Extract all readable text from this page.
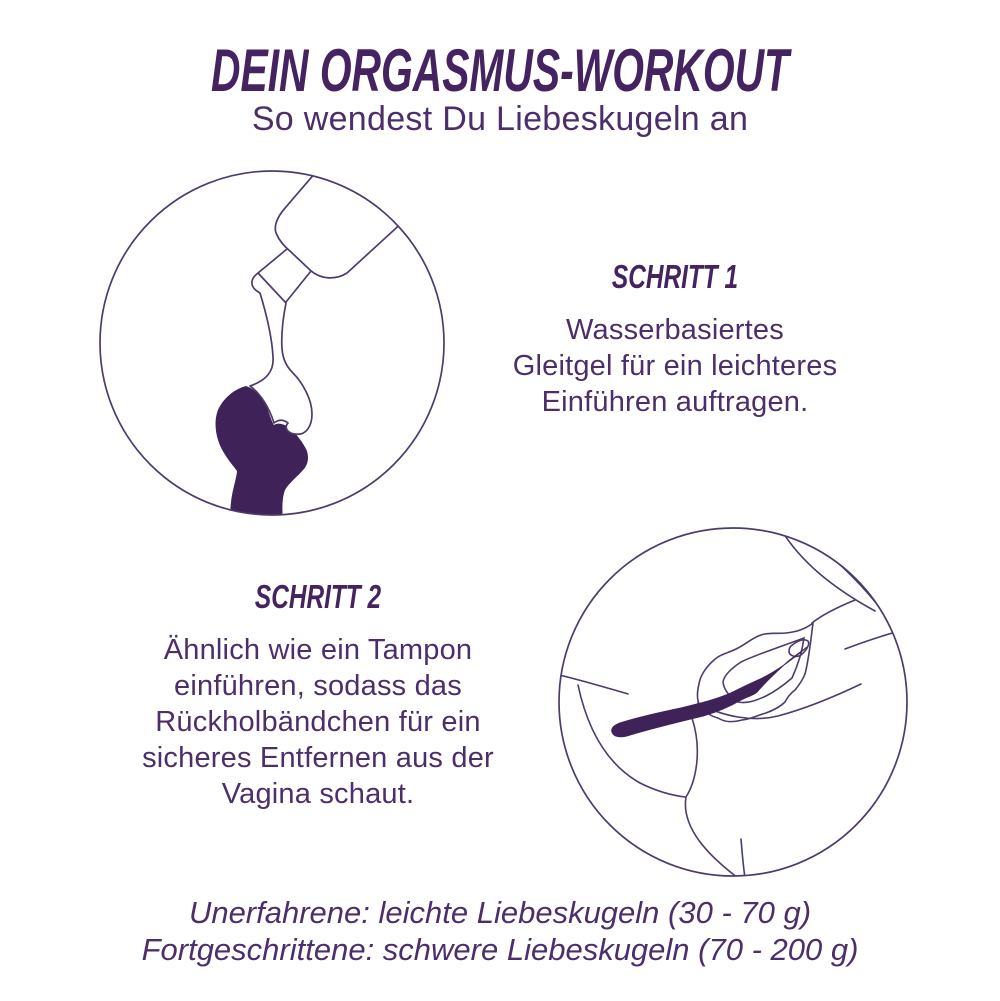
DEIN ORGASMUS-WORKOUT
So wendest Du Liebeskugeln an
SCHRITT 1
Wasserbasiertes
Gleitgel für ein leichteres
Einführen auftragen.
SCHRITT 2
Ähnlich wie ein Tampon
einführen, sodass das
Rückholbändchen für ein
sicheres Entfernen aus der
Vagina schaut.
Unerfahrene: leichte Liebeskugeln (30 - 70 g)
Fortgeschrittene: schwere Liebeskugeln (70 - 200 g)
